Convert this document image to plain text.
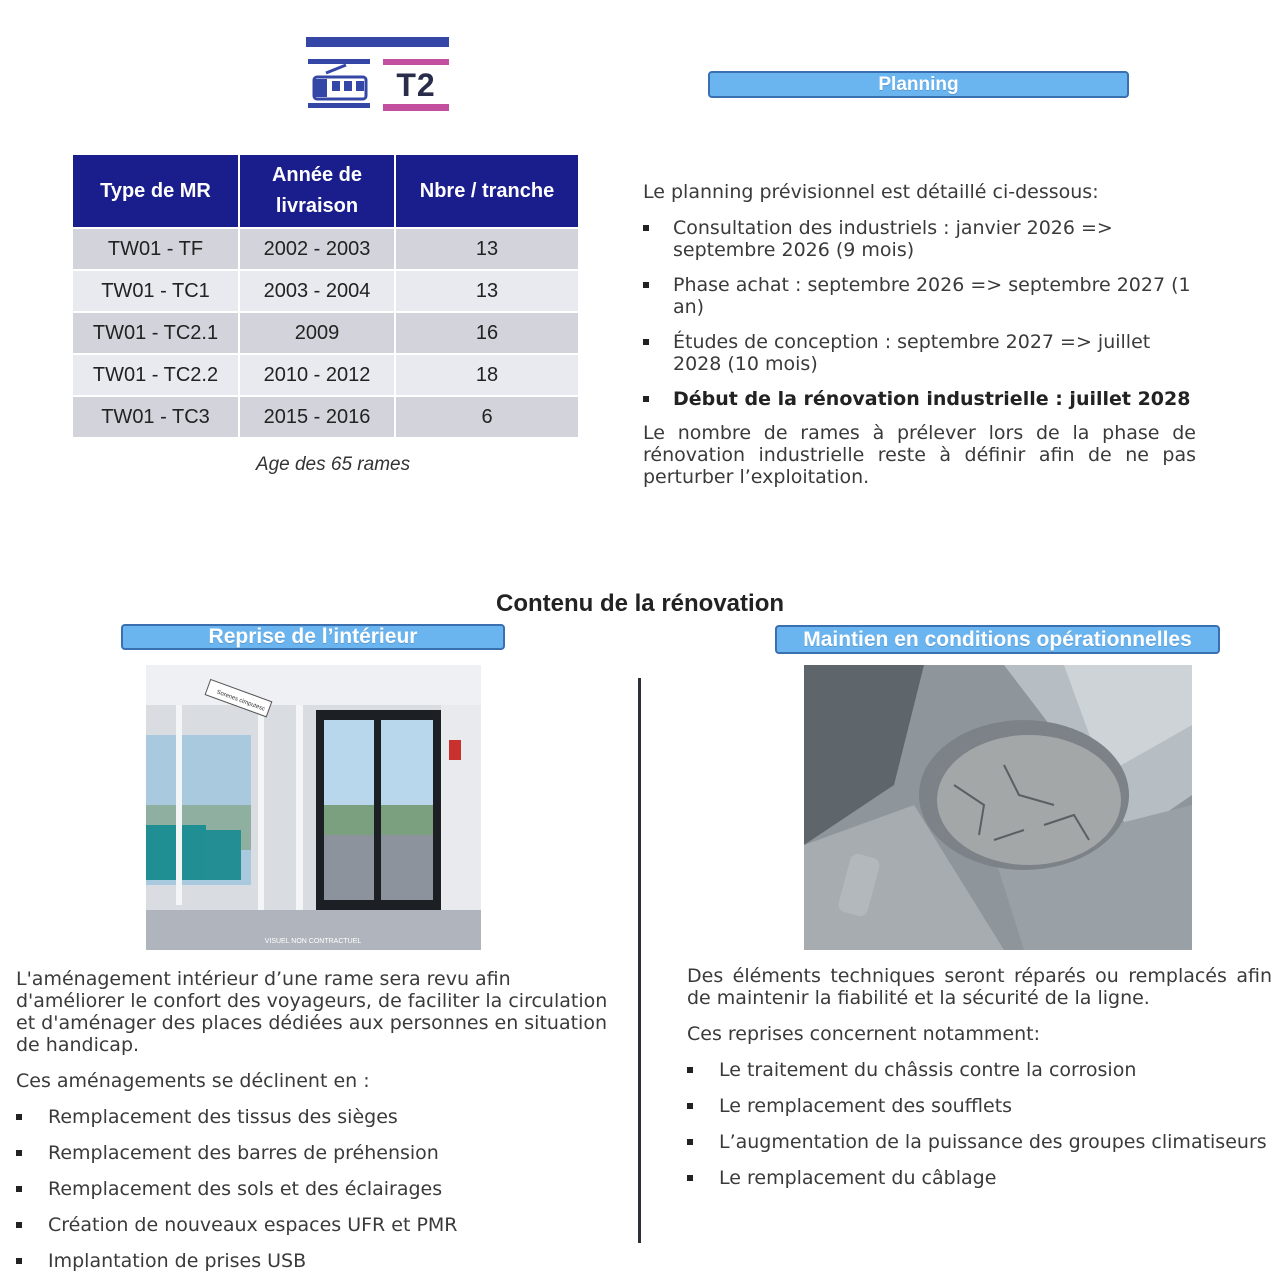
T2	Planning
Type de MR	Année de livraison	Nbre / tranche
TW01 - TF	2002 - 2003	13
TW01 - TC1	2003 - 2004	13
TW01 - TC2.1	2009	16
TW01 - TC2.2	2010 - 2012	18
TW01 - TC3	2015 - 2016	6
Age des 65 rames

Le planning prévisionnel est détaillé ci-dessous:

Consultation des industriels : janvier 2026 => septembre 2026 (9 mois)
Phase achat : septembre 2026 => septembre 2027 (1 an)
Études de conception : septembre 2027 => juillet 2028 (10 mois)
Début de la rénovation industrielle : juillet 2028

Le nombre de rames à prélever lors de la phase de rénovation industrielle reste à définir afin de ne pas perturber l’exploitation.

Contenu de la rénovation
Reprise de l’intérieur	Maintien en conditions opérationnelles
Sorenes cimputesc
VISUEL NON CONTRACTUEL

L'aménagement intérieur d’une rame sera revu afin d'améliorer le confort des voyageurs, de faciliter la circulation et d'aménager des places dédiées aux personnes en situation de handicap.

Ces aménagements se déclinent en :

Remplacement des tissus des sièges
Remplacement des barres de préhension
Remplacement des sols et des éclairages
Création de nouveaux espaces UFR et PMR
Implantation de prises USB

Des éléments techniques seront réparés ou remplacés afin de maintenir la fiabilité et la sécurité de la ligne.

Ces reprises concernent notamment:

Le traitement du châssis contre la corrosion
Le remplacement des soufflets
L’augmentation de la puissance des groupes climatiseurs
Le remplacement du câblage
